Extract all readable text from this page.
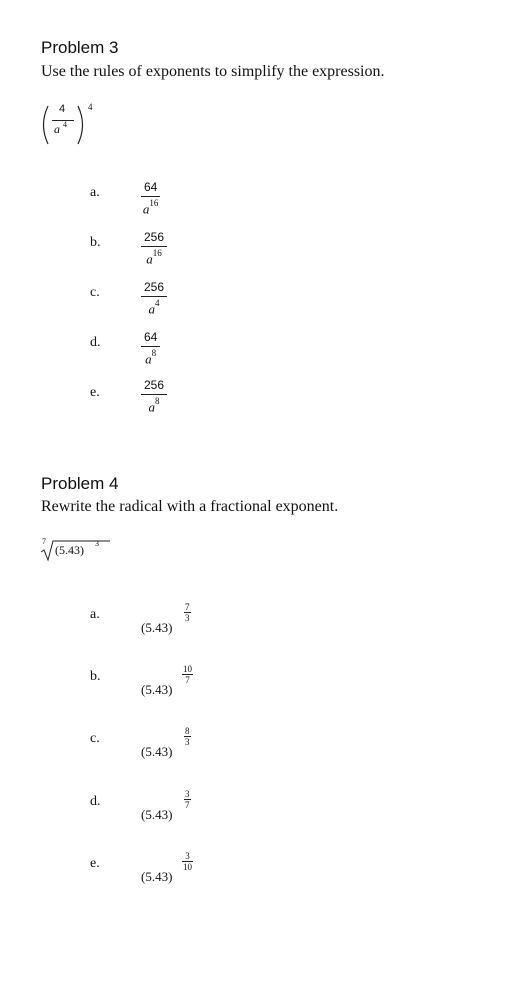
Problem 3
Use the rules of exponents to simplify the expression.
4
a 4
4
a.	64
$a^{16}$
b.	256
$a^{16}$
c.	256
$a^4$
d.	64
$a^8$
e.	256
$a^8$
Problem 4
Rewrite the radical with a fractional exponent.
7
(5.43) 3
a.
(5.43)
7
3
b.
(5.43)
10
7
c.
(5.43)
8
3
d.
(5.43)
3
7
e.
(5.43)
3
10
